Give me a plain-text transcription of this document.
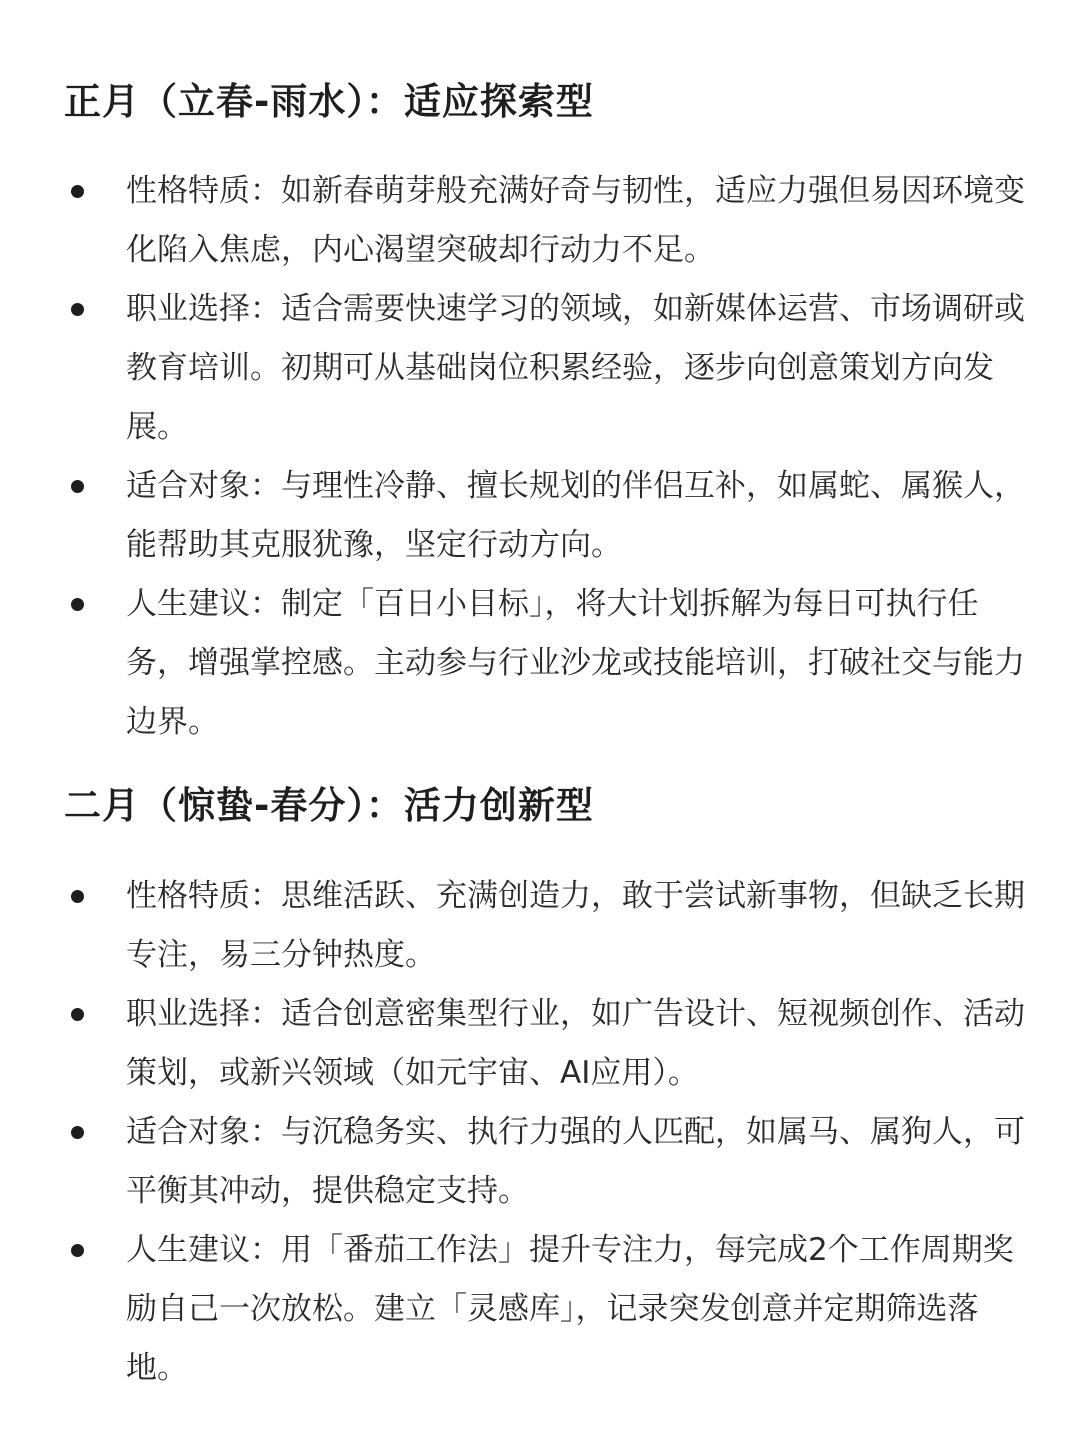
正月（立春-雨水）：适应探索型
性格特质：如新春萌芽般充满好奇与韧性，适应力强但易因环境变化陷入焦虑，内心渴望突破却行动力不足。
职业选择：适合需要快速学习的领域，如新媒体运营、市场调研或教育培训。初期可从基础岗位积累经验，逐步向创意策划方向发展。
适合对象：与理性冷静、擅长规划的伴侣互补，如属蛇、属猴人，能帮助其克服犹豫，坚定行动方向。
人生建议：制定「百日小目标」，将大计划拆解为每日可执行任务，增强掌控感。主动参与行业沙龙或技能培训，打破社交与能力边界。
二月（惊蛰-春分）：活力创新型
性格特质：思维活跃、充满创造力，敢于尝试新事物，但缺乏长期专注，易三分钟热度。
职业选择：适合创意密集型行业，如广告设计、短视频创作、活动策划，或新兴领域（如元宇宙、AI应用）。
适合对象：与沉稳务实、执行力强的人匹配，如属马、属狗人，可平衡其冲动，提供稳定支持。
人生建议：用「番茄工作法」提升专注力，每完成2个工作周期奖励自己一次放松。建立「灵感库」，记录突发创意并定期筛选落地。
